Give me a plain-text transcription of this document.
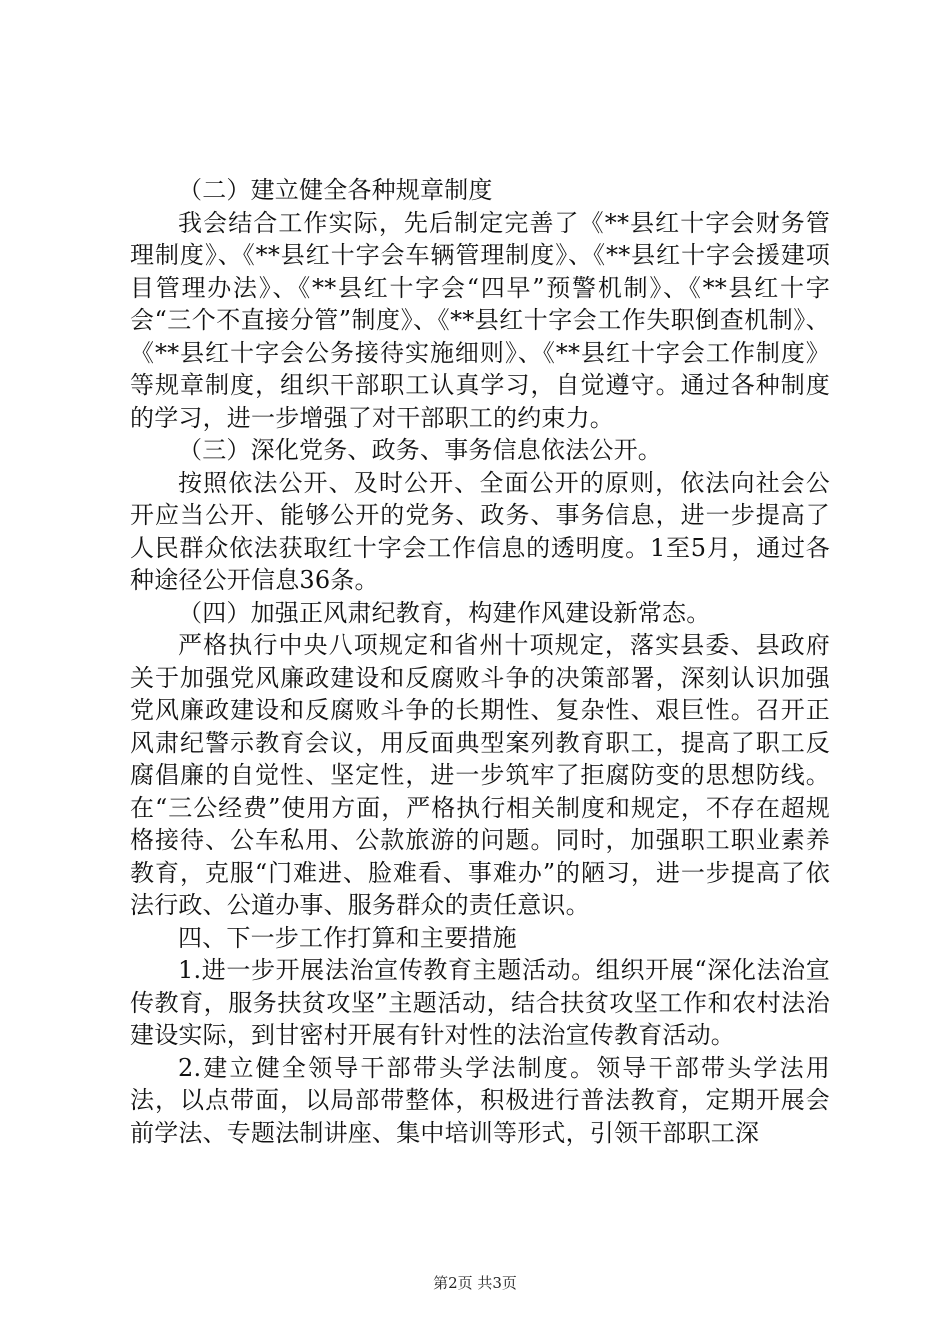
（二）建立健全各种规章制度

我会结合工作实际，先后制定完善了《**县红十字会财务管理制度》、《**县红十字会车辆管理制度》、《**县红十字会援建项目管理办法》、《**县红十字会“四早”预警机制》、《**县红十字会“三个不直接分管”制度》、《**县红十字会工作失职倒查机制》、《**县红十字会公务接待实施细则》、《**县红十字会工作制度》等规章制度，组织干部职工认真学习，自觉遵守。通过各种制度的学习，进一步增强了对干部职工的约束力。

（三）深化党务、政务、事务信息依法公开。

按照依法公开、及时公开、全面公开的原则，依法向社会公开应当公开、能够公开的党务、政务、事务信息，进一步提高了人民群众依法获取红十字会工作信息的透明度。1至5月，通过各种途径公开信息36条。

（四）加强正风肃纪教育，构建作风建设新常态。

严格执行中央八项规定和省州十项规定，落实县委、县政府关于加强党风廉政建设和反腐败斗争的决策部署，深刻认识加强党风廉政建设和反腐败斗争的长期性、复杂性、艰巨性。召开正风肃纪警示教育会议，用反面典型案列教育职工，提高了职工反腐倡廉的自觉性、坚定性，进一步筑牢了拒腐防变的思想防线。在“三公经费”使用方面，严格执行相关制度和规定，不存在超规格接待、公车私用、公款旅游的问题。同时，加强职工职业素养教育，克服“门难进、脸难看、事难办”的陋习，进一步提高了依法行政、公道办事、服务群众的责任意识。

四、下一步工作打算和主要措施

1.进一步开展法治宣传教育主题活动。组织开展“深化法治宣传教育，服务扶贫攻坚”主题活动，结合扶贫攻坚工作和农村法治建设实际，到甘密村开展有针对性的法治宣传教育活动。

2.建立健全领导干部带头学法制度。领导干部带头学法用法，以点带面，以局部带整体，积极进行普法教育，定期开展会前学法、专题法制讲座、集中培训等形式，引领干部职工深

第2页 共3页
